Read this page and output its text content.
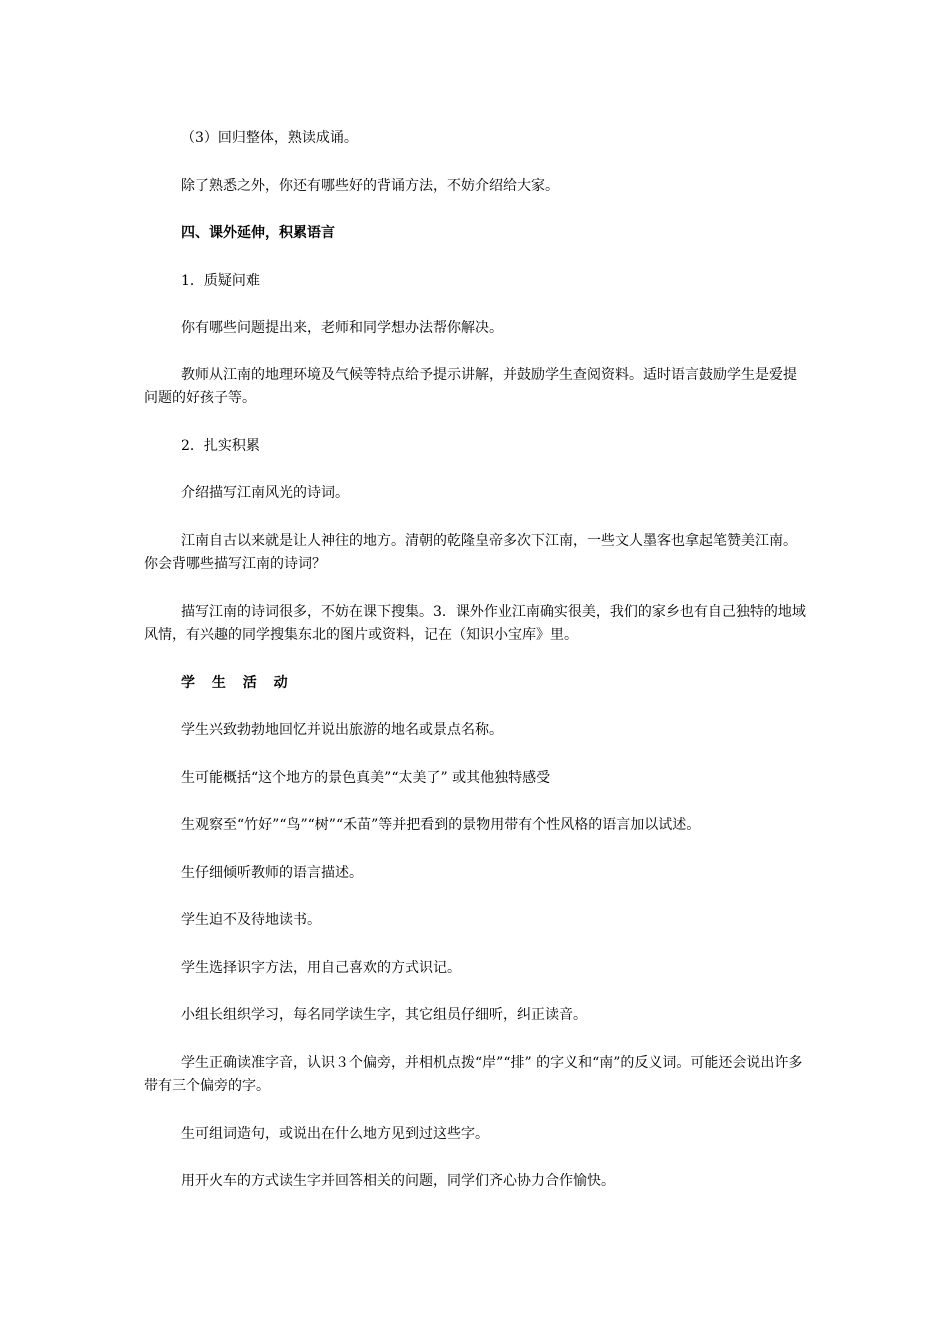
（3）回归整体，熟读成诵。

除了熟悉之外，你还有哪些好的背诵方法，不妨介绍给大家。

四、课外延伸，积累语言

1．质疑问难

你有哪些问题提出来，老师和同学想办法帮你解决。

教师从江南的地理环境及气候等特点给予提示讲解，并鼓励学生查阅资料。适时语言鼓励学生是爱提问题的好孩子等。

2．扎实积累

介绍描写江南风光的诗词。

江南自古以来就是让人神往的地方。清朝的乾隆皇帝多次下江南，一些文人墨客也拿起笔赞美江南。你会背哪些描写江南的诗词？

描写江南的诗词很多，不妨在课下搜集。3．课外作业江南确实很美，我们的家乡也有自己独特的地域风情，有兴趣的同学搜集东北的图片或资料，记在（知识小宝库》里。

学 生 活 动

学生兴致勃勃地回忆并说出旅游的地名或景点名称。

生可能概括“这个地方的景色真美”“太美了” 或其他独特感受

生观察至“竹好”“鸟”“树”“禾苗”等并把看到的景物用带有个性风格的语言加以试述。

生仔细倾听教师的语言描述。

学生迫不及待地读书。

学生选择识字方法，用自己喜欢的方式识记。

小组长组织学习，每名同学读生字，其它组员仔细听，纠正读音。

学生正确读准字音，认识３个偏旁，并相机点拨“岸”“排” 的字义和“南”的反义词。可能还会说出许多带有三个偏旁的字。

生可组词造句，或说出在什么地方见到过这些字。

用开火车的方式读生字并回答相关的问题，同学们齐心协力合作愉快。
